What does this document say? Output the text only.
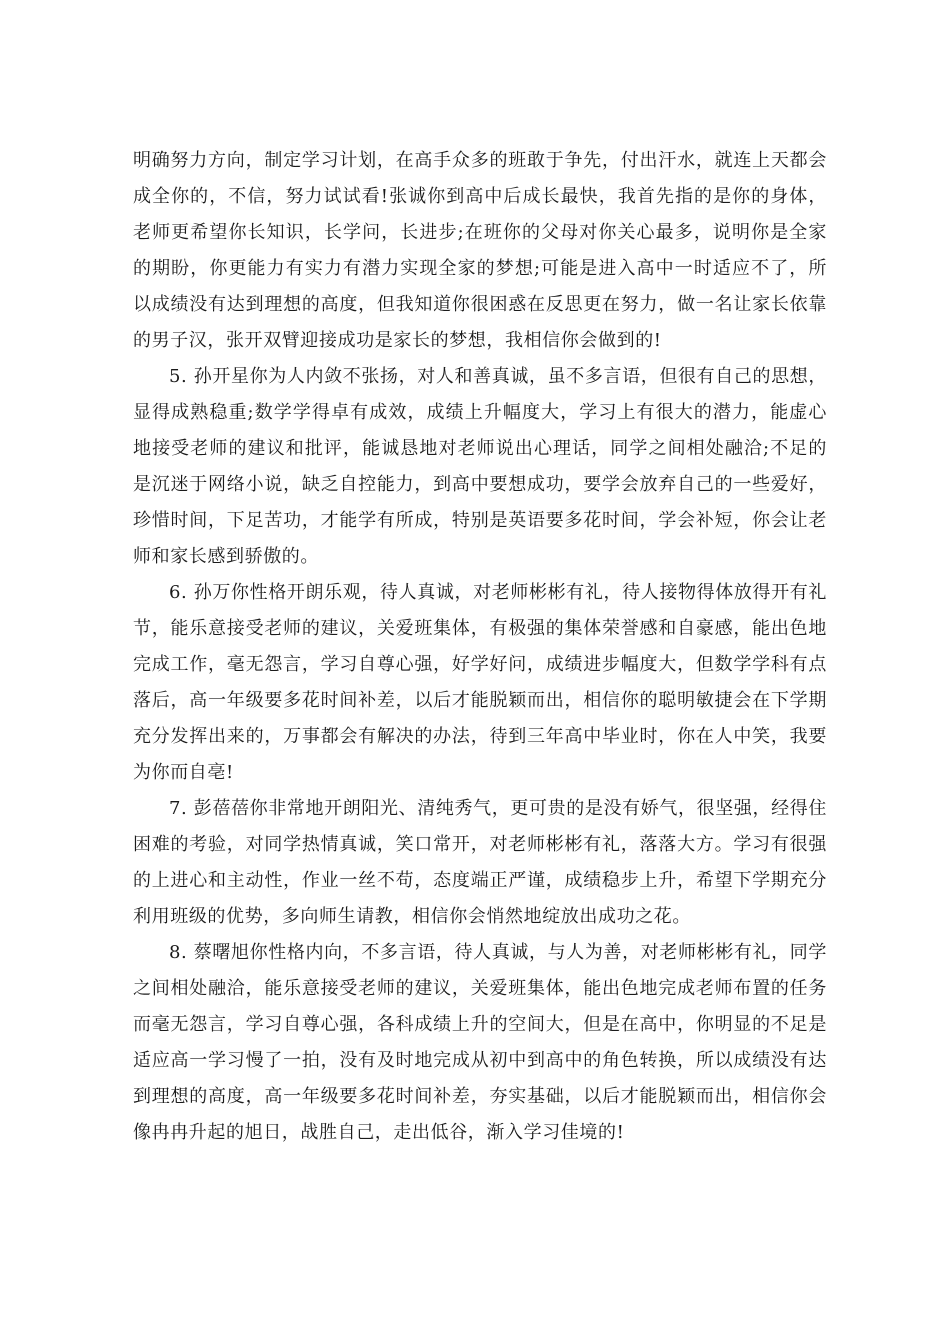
明确努力方向，制定学习计划，在高手众多的班敢于争先，付出汗水，就连上天都会成全你的，不信，努力试试看!张诚你到高中后成长最快，我首先指的是你的身体，老师更希望你长知识，长学问，长进步;在班你的父母对你关心最多，说明你是全家的期盼，你更能力有实力有潜力实现全家的梦想;可能是进入高中一时适应不了，所以成绩没有达到理想的高度，但我知道你很困惑在反思更在努力，做一名让家长依靠的男子汉，张开双臂迎接成功是家长的梦想，我相信你会做到的!

5. 孙开星你为人内敛不张扬，对人和善真诚，虽不多言语，但很有自己的思想，显得成熟稳重;数学学得卓有成效，成绩上升幅度大，学习上有很大的潜力，能虚心地接受老师的建议和批评，能诚恳地对老师说出心理话，同学之间相处融洽;不足的是沉迷于网络小说，缺乏自控能力，到高中要想成功，要学会放弃自己的一些爱好，珍惜时间，下足苦功，才能学有所成，特别是英语要多花时间，学会补短，你会让老师和家长感到骄傲的。

6. 孙万你性格开朗乐观，待人真诚，对老师彬彬有礼，待人接物得体放得开有礼节，能乐意接受老师的建议，关爱班集体，有极强的集体荣誉感和自豪感，能出色地完成工作，毫无怨言，学习自尊心强，好学好问，成绩进步幅度大，但数学学科有点落后，高一年级要多花时间补差，以后才能脱颖而出，相信你的聪明敏捷会在下学期充分发挥出来的，万事都会有解决的办法，待到三年高中毕业时，你在人中笑，我要为你而自亳!

7. 彭蓓蓓你非常地开朗阳光、清纯秀气，更可贵的是没有娇气，很坚强，经得住困难的考验，对同学热情真诚，笑口常开，对老师彬彬有礼，落落大方。学习有很强的上进心和主动性，作业一丝不苟，态度端正严谨，成绩稳步上升，希望下学期充分利用班级的优势，多向师生请教，相信你会悄然地绽放出成功之花。

8. 蔡曙旭你性格内向，不多言语，待人真诚，与人为善，对老师彬彬有礼，同学之间相处融洽，能乐意接受老师的建议，关爱班集体，能出色地完成老师布置的任务而毫无怨言，学习自尊心强，各科成绩上升的空间大，但是在高中，你明显的不足是适应高一学习慢了一拍，没有及时地完成从初中到高中的角色转换，所以成绩没有达到理想的高度，高一年级要多花时间补差，夯实基础，以后才能脱颖而出，相信你会像冉冉升起的旭日，战胜自己，走出低谷，渐入学习佳境的!
